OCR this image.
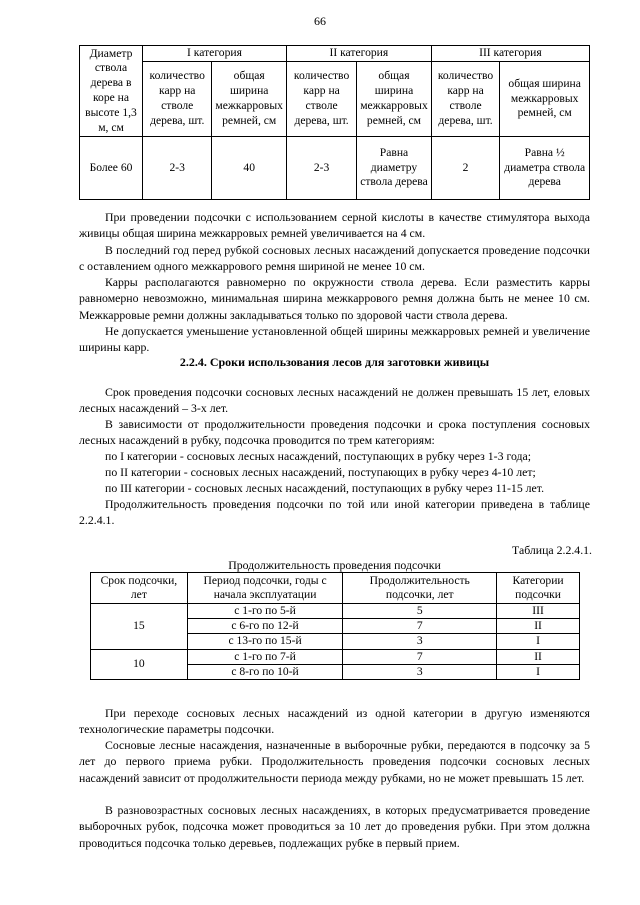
66
Диаметр ствола дерева в коре на высоте 1,3 м, см	I категория		II категория		III категория	
	количество карр на стволе дерева, шт.	общая ширина межкарровых ремней, см	количество карр на стволе дерева, шт.	общая ширина межкарровых ремней, см	количество карр на стволе дерева, шт.	общая ширина межкарровых ремней, см
Более 60	2-3	40	2-3	Равна диаметру ствола дерева	2	Равна ½ диаметра ствола дерева
При проведении подсочки с использованием серной кислоты в качестве стимулятора выхода живицы общая ширина межкарровых ремней увеличивается на 4 см.
В последний год перед рубкой сосновых лесных насаждений допускается проведение подсочки с оставлением одного межкаррового ремня шириной не менее 10 см.
Карры располагаются равномерно по окружности ствола дерева. Если разместить карры равномерно невозможно, минимальная ширина межкаррового ремня должна быть не менее 10 см. Межкарровые ремни должны закладываться только по здоровой части ствола дерева.
Не допускается уменьшение установленной общей ширины межкарровых ремней и увеличение ширины карр.
2.2.4. Сроки использования лесов для заготовки живицы
Срок проведения подсочки сосновых лесных насаждений не должен превышать 15 лет, еловых лесных насаждений – 3-х лет.
В зависимости от продолжительности проведения подсочки и срока поступления сосновых лесных насаждений в рубку, подсочка проводится по трем категориям:
по I категории - сосновых лесных насаждений, поступающих в рубку через 1-3 года;
по II категории - сосновых лесных насаждений, поступающих в рубку через 4-10 лет;
по III категории - сосновых лесных насаждений, поступающих в рубку через 11-15 лет.
Продолжительность проведения подсочки по той или иной категории приведена в таблице 2.2.4.1.
Таблица 2.2.4.1.
Продолжительность проведения подсочки
Срок подсочки, лет	Период подсочки, годы с начала эксплуатации	Продолжительность подсочки, лет	Категории подсочки
15	с 1-го по 5-й	5	III
	с 6-го по 12-й	7	II
	с 13-го по 15-й	3	I
10	с 1-го по 7-й	7	II
	с 8-го по 10-й	3	I
При переходе сосновых лесных насаждений из одной категории в другую изменяются технологические параметры подсочки.
Сосновые лесные насаждения, назначенные в выборочные рубки, передаются в подсочку за 5 лет до первого приема рубки. Продолжительность проведения подсочки сосновых лесных насаждений зависит от продолжительности периода между рубками, но не может превышать 15 лет.
В разновозрастных сосновых лесных насаждениях, в которых предусматривается проведение выборочных рубок, подсочка может проводиться за 10 лет до проведения рубки. При этом должна проводиться подсочка только деревьев, подлежащих рубке в первый прием.
